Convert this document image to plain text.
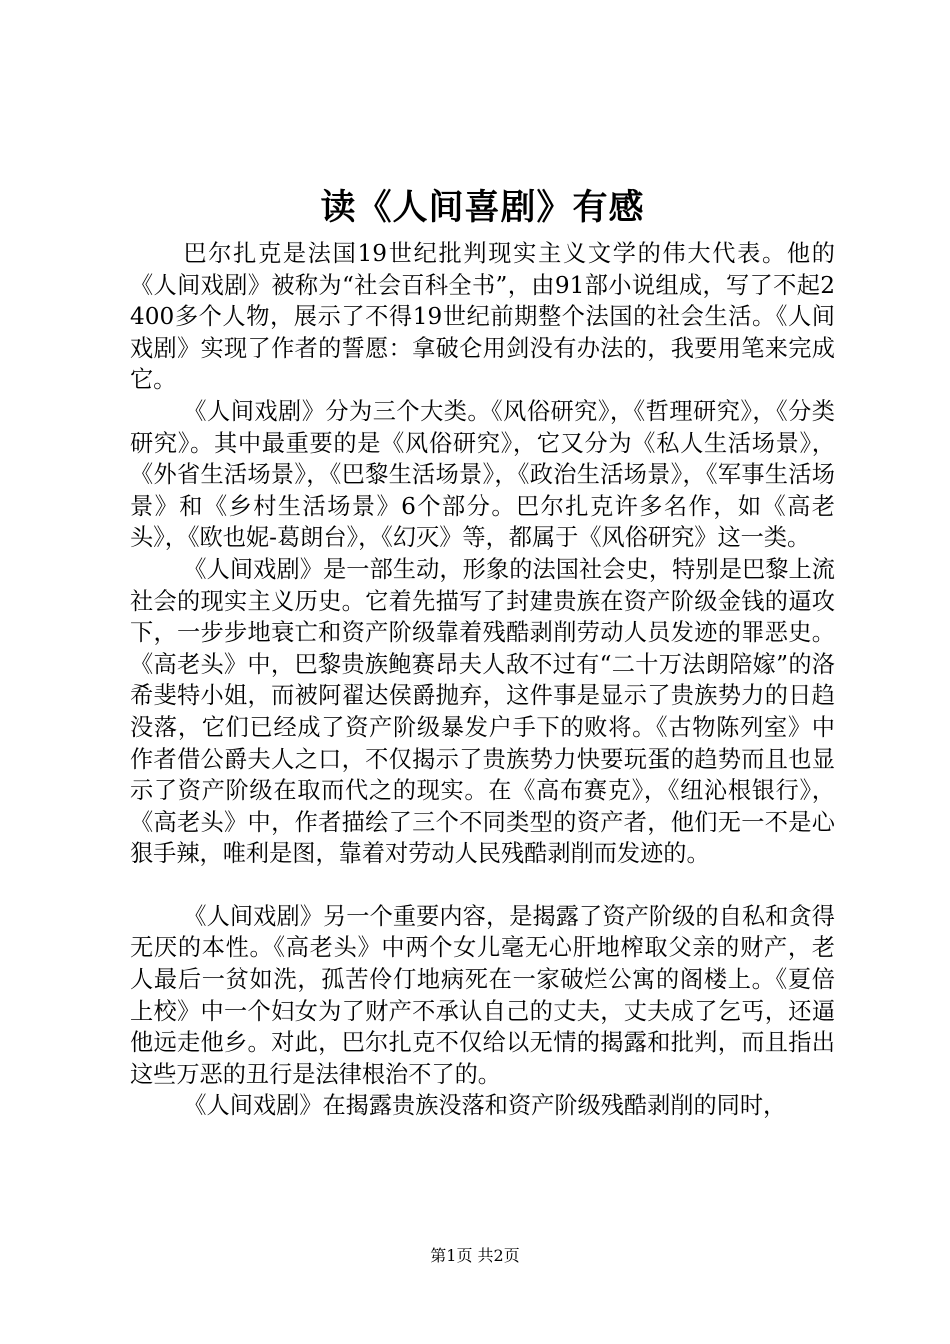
读《人间喜剧》有感

巴尔扎克是法国19世纪批判现实主义文学的伟大代表。他的《人间戏剧》被称为“社会百科全书”，由91部小说组成，写了不起2400多个人物，展示了不得19世纪前期整个法国的社会生活。《人间戏剧》实现了作者的誓愿：拿破仑用剑没有办法的，我要用笔来完成它。

《人间戏剧》分为三个大类。《风俗研究》，《哲理研究》，《分类研究》。其中最重要的是《风俗研究》，它又分为《私人生活场景》，《外省生活场景》，《巴黎生活场景》，《政治生活场景》，《军事生活场景》和《乡村生活场景》6个部分。巴尔扎克许多名作，如《高老头》，《欧也妮-葛朗台》，《幻灭》等，都属于《风俗研究》这一类。

《人间戏剧》是一部生动，形象的法国社会史，特别是巴黎上流社会的现实主义历史。它着先描写了封建贵族在资产阶级金钱的逼攻下，一步步地衰亡和资产阶级靠着残酷剥削劳动人员发迹的罪恶史。《高老头》中，巴黎贵族鲍赛昂夫人敌不过有“二十万法朗陪嫁”的洛希斐特小姐，而被阿翟达侯爵抛弃，这件事是显示了贵族势力的日趋没落，它们已经成了资产阶级暴发户手下的败将。《古物陈列室》中作者借公爵夫人之口，不仅揭示了贵族势力快要玩蛋的趋势而且也显示了资产阶级在取而代之的现实。在《高布赛克》，《纽沁根银行》，《高老头》中，作者描绘了三个不同类型的资产者，他们无一不是心狠手辣，唯利是图，靠着对劳动人民残酷剥削而发迹的。

《人间戏剧》另一个重要内容，是揭露了资产阶级的自私和贪得无厌的本性。《高老头》中两个女儿毫无心肝地榨取父亲的财产，老人最后一贫如洗，孤苦伶仃地病死在一家破烂公寓的阁楼上。《夏倍上校》中一个妇女为了财产不承认自己的丈夫，丈夫成了乞丐，还逼他远走他乡。对此，巴尔扎克不仅给以无情的揭露和批判，而且指出这些万恶的丑行是法律根治不了的。

《人间戏剧》在揭露贵族没落和资产阶级残酷剥削的同时，

第1页 共2页
